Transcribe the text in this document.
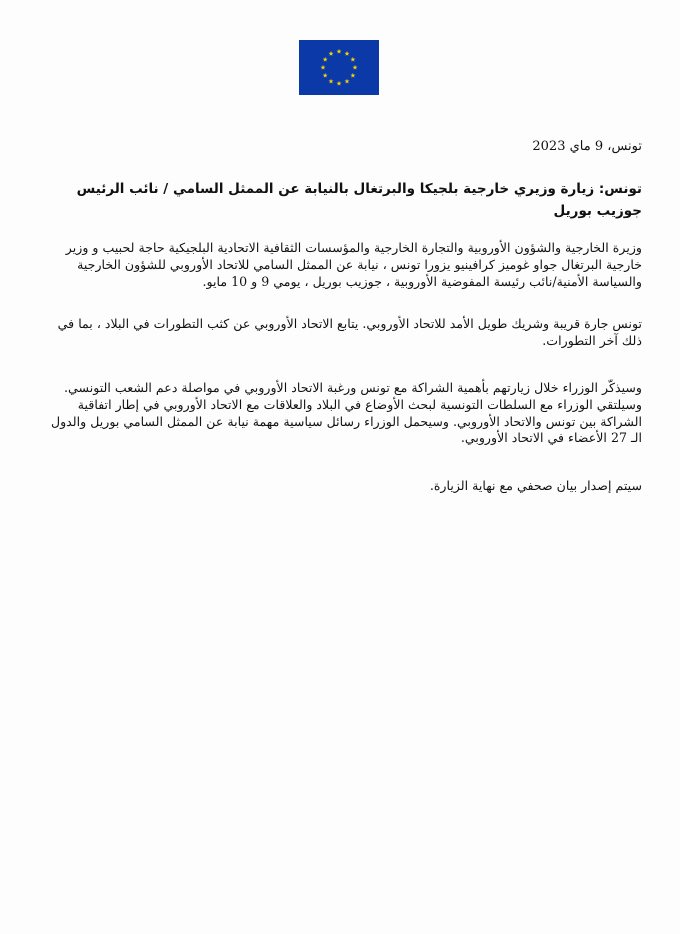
تونس، 9 ماي 2023
تونس: زيارة وزيري خارجية بلجيكا والبرتغال بالنيابة عن الممثل السامي / نائب الرئيس جوزيب بوريل

وزيرة الخارجية والشؤون الأوروبية والتجارة الخارجية والمؤسسات الثقافية الاتحادية البلجيكية حاجة لحبيب و وزير خارجية البرتغال جواو غوميز كرافينيو يزورا تونس ، نيابة عن الممثل السامي للاتحاد الأوروبي للشؤون الخارجية والسياسة الأمنية/نائب رئيسة المفوضية الأوروبية ، جوزيب بوريل ، يومي 9 و 10 مايو.

تونس جارة قريبة وشريك طويل الأمد للاتحاد الأوروبي. يتابع الاتحاد الأوروبي عن كثب التطورات في البلاد ، بما في ذلك آخر التطورات.

وسيذكّر الوزراء خلال زيارتهم بأهمية الشراكة مع تونس ورغبة الاتحاد الأوروبي في مواصلة دعم الشعب التونسي. وسيلتقي الوزراء مع السلطات التونسية لبحث الأوضاع في البلاد والعلاقات مع الاتحاد الأوروبي في إطار اتفاقية الشراكة بين تونس والاتحاد الأوروبي. وسيحمل الوزراء رسائل سياسية مهمة نيابة عن الممثل السامي بوريل والدول الـ 27 الأعضاء في الاتحاد الأوروبي.

سيتم إصدار بيان صحفي مع نهاية الزيارة.
